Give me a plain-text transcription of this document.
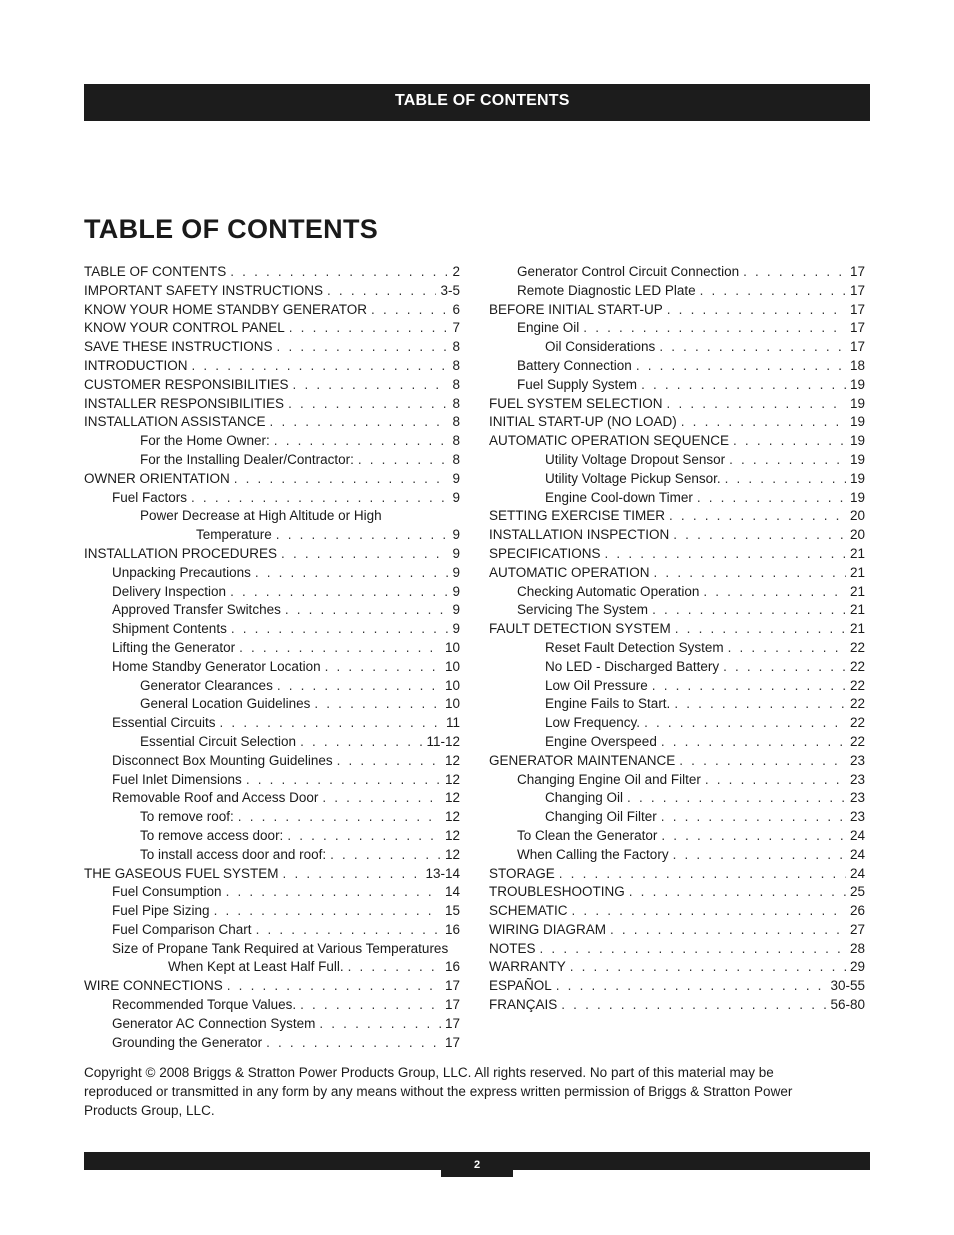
TABLE OF CONTENTS
TABLE OF CONTENTS
TABLE OF CONTENTS . . .	2
IMPORTANT SAFETY INSTRUCTIONS . . .	3-5
KNOW YOUR HOME STANDBY GENERATOR . . .	6
KNOW YOUR CONTROL PANEL . . .	7
SAVE THESE INSTRUCTIONS . . .	8
INTRODUCTION . . .	8
CUSTOMER RESPONSIBILITIES . . .	8
INSTALLER RESPONSIBILITIES . . .	8
INSTALLATION ASSISTANCE . . .	8
For the Home Owner: . . .	8
For the Installing Dealer/Contractor: . . .	8
OWNER ORIENTATION . . .	9
Fuel Factors . . .	9
Power Decrease at High Altitude or High
Temperature . . .	9
INSTALLATION PROCEDURES . . .	9
Unpacking Precautions . . .	9
Delivery Inspection . . .	9
Approved Transfer Switches . . .	9
Shipment Contents . . .	9
Lifting the Generator . . .	10
Home Standby Generator Location . . .	10
Generator Clearances . . .	10
General Location Guidelines . . .	10
Essential Circuits . . .	11
Essential Circuit Selection . . .	11-12
Disconnect Box Mounting Guidelines . . .	12
Fuel Inlet Dimensions . . .	12
Removable Roof and Access Door . . .	12
To remove roof: . . .	12
To remove access door: . . .	12
To install access door and roof: . . .	12
THE GASEOUS FUEL SYSTEM . . .	13-14
Fuel Consumption . . .	14
Fuel Pipe Sizing . . .	15
Fuel Comparison Chart . . .	16
Size of Propane Tank Required at Various Temperatures
When Kept at Least Half Full. . . .	16
WIRE CONNECTIONS . . .	17
Recommended Torque Values. . . .	17
Generator AC Connection System . . .	17
Grounding the Generator . . .	17
Generator Control Circuit Connection . . .	17
Remote Diagnostic LED Plate . . .	17
BEFORE INITIAL START-UP . . .	17
Engine Oil . . .	17
Oil Considerations . . .	17
Battery Connection . . .	18
Fuel Supply System . . .	19
FUEL SYSTEM SELECTION . . .	19
INITIAL START-UP (NO LOAD) . . .	19
AUTOMATIC OPERATION SEQUENCE . . .	19
Utility Voltage Dropout Sensor . . .	19
Utility Voltage Pickup Sensor. . . .	19
Engine Cool-down Timer . . .	19
SETTING EXERCISE TIMER . . .	20
INSTALLATION INSPECTION . . .	20
SPECIFICATIONS . . .	21
AUTOMATIC OPERATION . . .	21
Checking Automatic Operation . . .	21
Servicing The System . . .	21
FAULT DETECTION SYSTEM . . .	21
Reset Fault Detection System . . .	22
No LED - Discharged Battery . . .	22
Low Oil Pressure . . .	22
Engine Fails to Start. . . .	22
Low Frequency. . . .	22
Engine Overspeed . . .	22
GENERATOR MAINTENANCE . . .	23
Changing Engine Oil and Filter . . .	23
Changing Oil . . .	23
Changing Oil Filter . . .	23
To Clean the Generator . . .	24
When Calling the Factory . . .	24
STORAGE . . .	24
TROUBLESHOOTING . . .	25
SCHEMATIC . . .	26
WIRING DIAGRAM . . .	27
NOTES . . .	28
WARRANTY . . .	29
ESPAÑOL . . .	30-55
FRANÇAIS . . .	56-80

Copyright © 2008 Briggs & Stratton Power Products Group, LLC. All rights reserved. No part of this material may be reproduced or transmitted in any form by any means without the express written permission of Briggs & Stratton Power Products Group, LLC.

2
